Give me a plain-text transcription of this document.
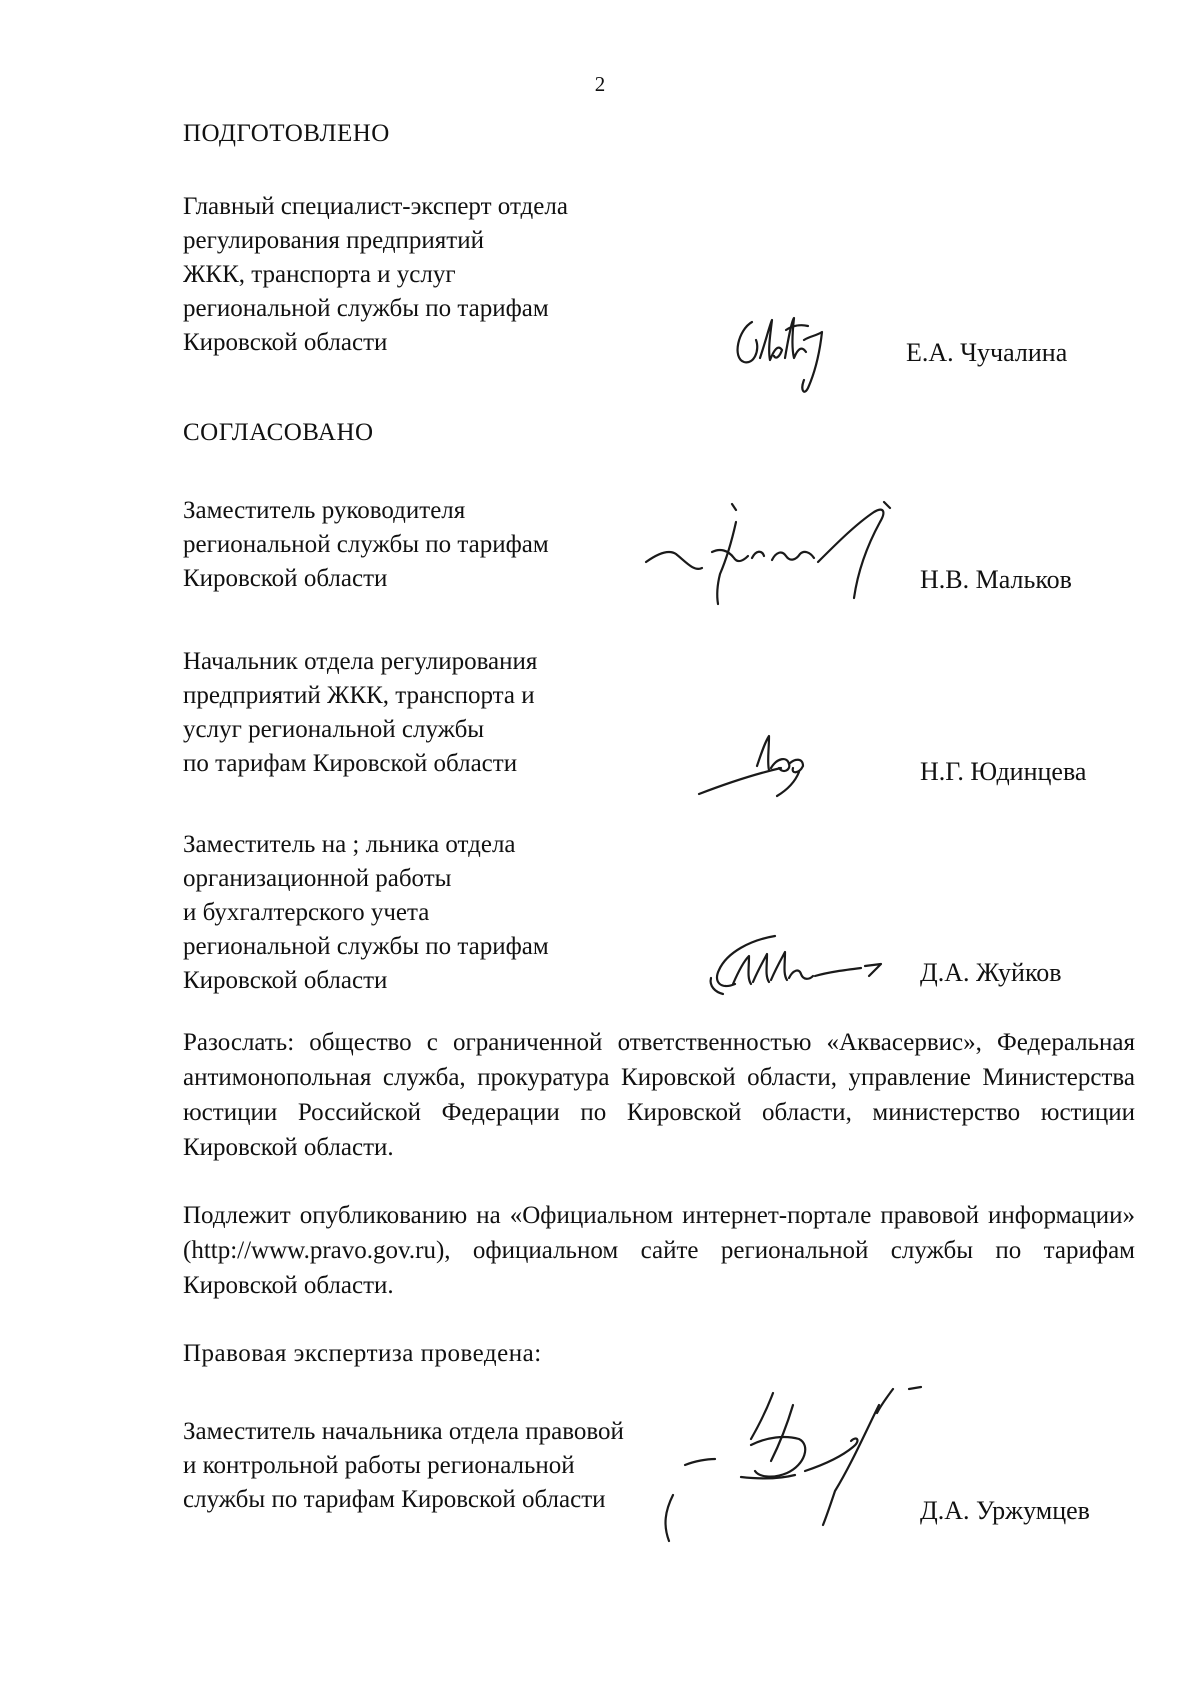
2
ПОДГОТОВЛЕНО
Главный специалист-эксперт отдела
регулирования предприятий
ЖКК, транспорта и услуг
региональной службы по тарифам
Кировской области	Е.А. Чучалина
СОГЛАСОВАНО
Заместитель руководителя
региональной службы по тарифам
Кировской области	Н.В. Мальков
Начальник отдела регулирования
предприятий ЖКК, транспорта и
услуг региональной службы
по тарифам Кировской области	Н.Г. Юдинцева
Заместитель на ; льника отдела
организационной работы
и бухгалтерского учета
региональной службы по тарифам
Кировской области	Д.А. Жуйков
Разослать: общество с ограниченной ответственностью «Аквасервис», Федеральная антимонопольная служба, прокуратура Кировской области, управление Министерства юстиции Российской Федерации по Кировской области, министерство юстиции Кировской области.
Подлежит опубликованию на «Официальном интернет-портале правовой информации» (http://www.pravo.gov.ru), официальном сайте региональной службы по тарифам Кировской области.
Правовая экспертиза проведена:
Заместитель начальника отдела правовой
и контрольной работы региональной
службы по тарифам Кировской области	Д.А. Уржумцев
